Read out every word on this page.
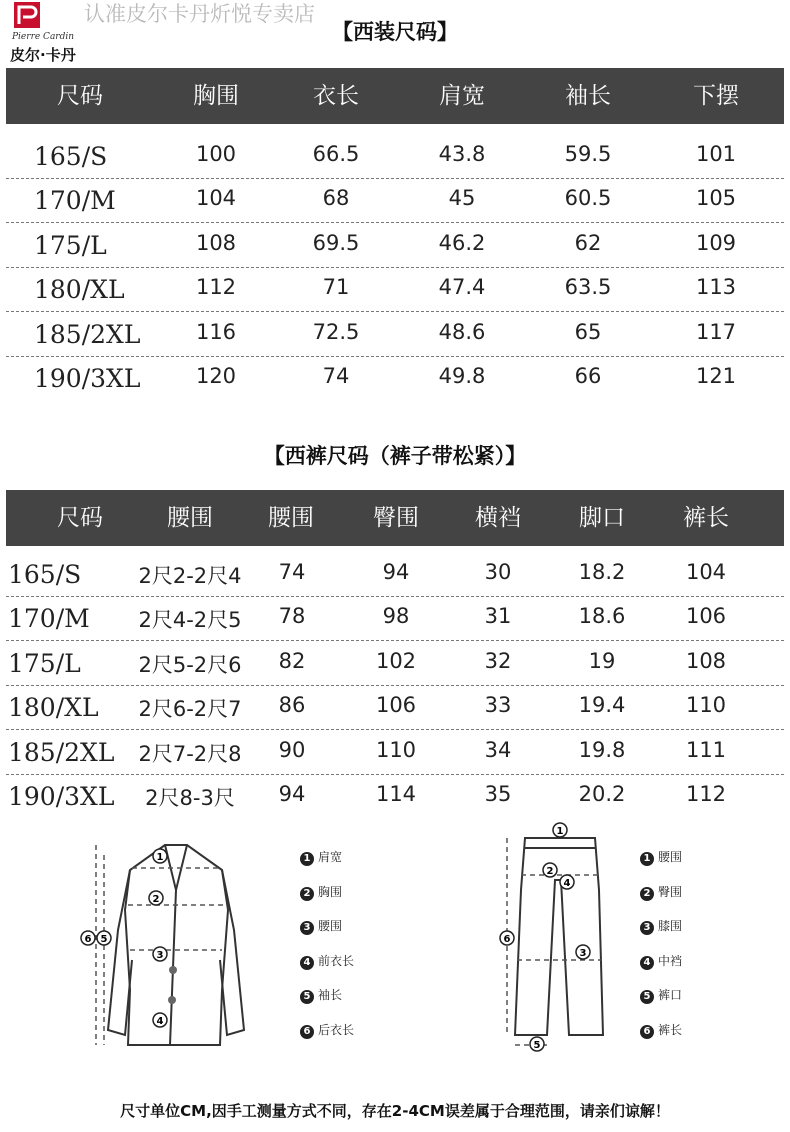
Pierre Cardin
皮尔·卡丹
认准皮尔卡丹炘悦专卖店
【西装尺码】
尺码	胸围	衣长	肩宽	袖长	下摆
165/S	100	66.5	43.8	59.5	101
170/M	104	68	45	60.5	105
175/L	108	69.5	46.2	62	109
180/XL	112	71	47.4	63.5	113
185/2XL	116	72.5	48.6	65	117
190/3XL	120	74	49.8	66	121
【西裤尺码（裤子带松紧）】
尺码	腰围	腰围	臀围	横裆	脚口	裤长
165/S	2尺2-2尺4	74	94	30	18.2	104
170/M	2尺4-2尺5	78	98	31	18.6	106
175/L	2尺5-2尺6	82	102	32	19	108
180/XL	2尺6-2尺7	86	106	33	19.4	110
185/2XL	2尺7-2尺8	90	110	34	19.8	111
190/3XL	2尺8-3尺	94	114	35	20.2	112
1
2
3
4
5
6
1 肩宽
2 胸围
3 腰围
4 前衣长
5 袖长
6 后衣长
1
2
3
4
5
6
1 腰围
2 臀围
3 膝围
4 中裆
5 裤口
6 裤长
尺寸单位CM,因手工测量方式不同，存在2-4CM误差属于合理范围，请亲们谅解！
